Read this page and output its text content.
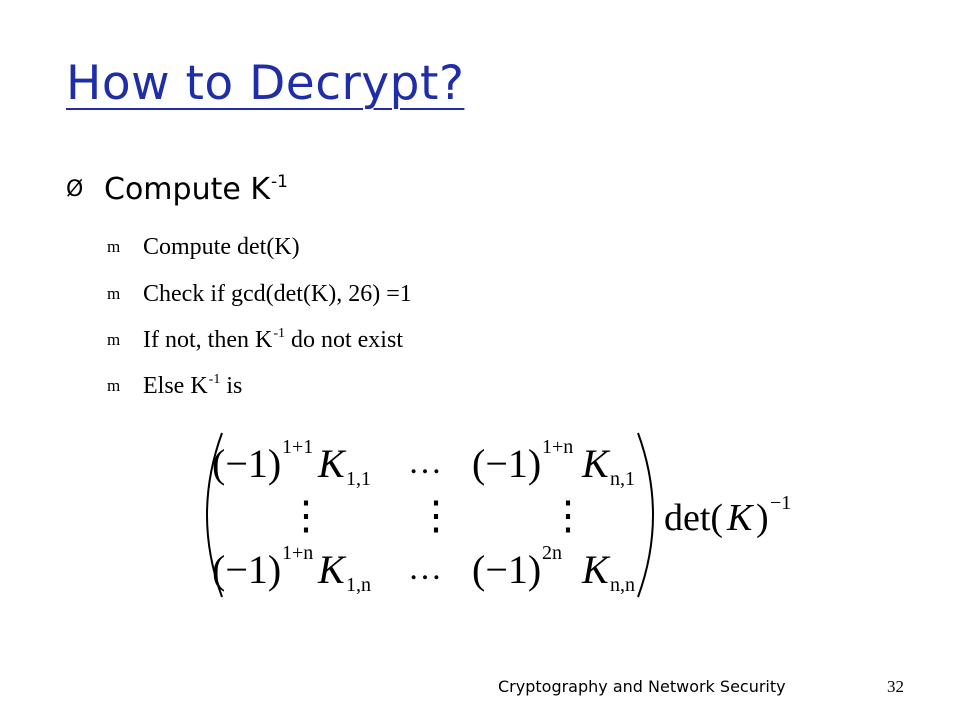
How to Decrypt?
Ø Compute $K^{-1}$
m Compute det(K)
m Check if gcd(det(K), 26) =1
m If not, then $K^{-1}$ do not exist
m Else $K^{-1}$ is
(−1) 1+1 K 1,1 … (−1) 1+n K n,1
⋮ ⋮ ⋮
(−1) 1+n K 1,n … (−1) 2n K n,n
det( K ) −1
Cryptography and Network Security	32
